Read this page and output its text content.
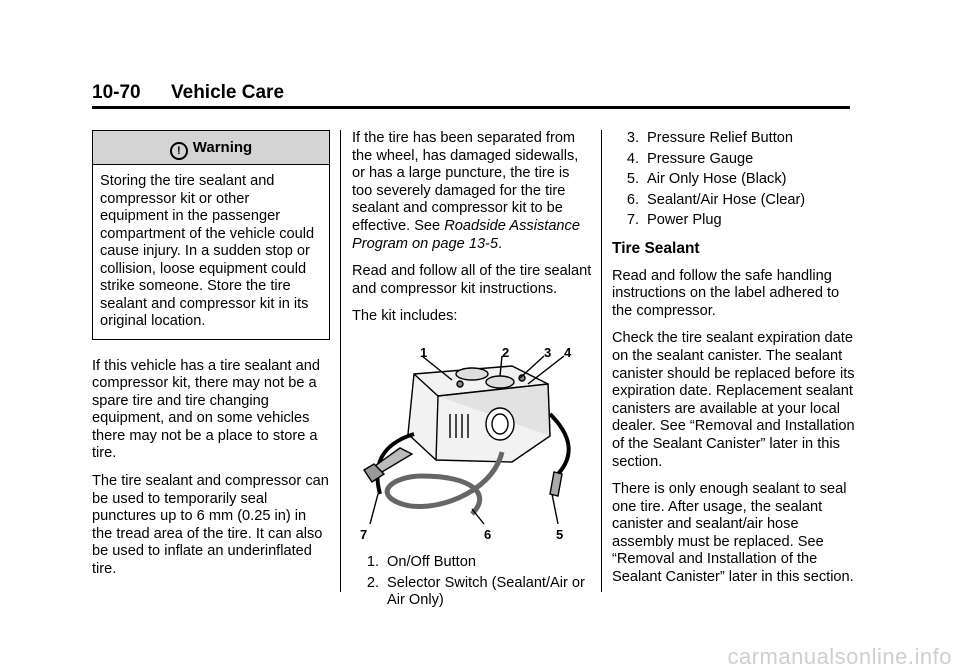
10-70 Vehicle Care
! Warning
Storing the tire sealant and compressor kit or other equipment in the passenger compartment of the vehicle could cause injury. In a sudden stop or collision, loose equipment could strike someone. Store the tire sealant and compressor kit in its original location.

If this vehicle has a tire sealant and compressor kit, there may not be a spare tire and tire changing equipment, and on some vehicles there may not be a place to store a tire.

The tire sealant and compressor can be used to temporarily seal punctures up to 6 mm (0.25 in) in the tread area of the tire. It can also be used to inflate an underinflated tire.

If the tire has been separated from the wheel, has damaged sidewalls, or has a large puncture, the tire is too severely damaged for the tire sealant and compressor kit to be effective. See Roadside Assistance Program on page 13-5.

Read and follow all of the tire sealant and compressor kit instructions.

The kit includes:

1	2	3 4
5
6
7
1. On/Off Button
2. Selector Switch (Sealant/Air or Air Only)
3. Pressure Relief Button
4. Pressure Gauge
5. Air Only Hose (Black)
6. Sealant/Air Hose (Clear)
7. Power Plug
Tire Sealant

Read and follow the safe handling instructions on the label adhered to the compressor.

Check the tire sealant expiration date on the sealant canister. The sealant canister should be replaced before its expiration date. Replacement sealant canisters are available at your local dealer. See “Removal and Installation of the Sealant Canister” later in this section.

There is only enough sealant to seal one tire. After usage, the sealant canister and sealant/air hose assembly must be replaced. See “Removal and Installation of the Sealant Canister” later in this section.

carmanualsonline.info
